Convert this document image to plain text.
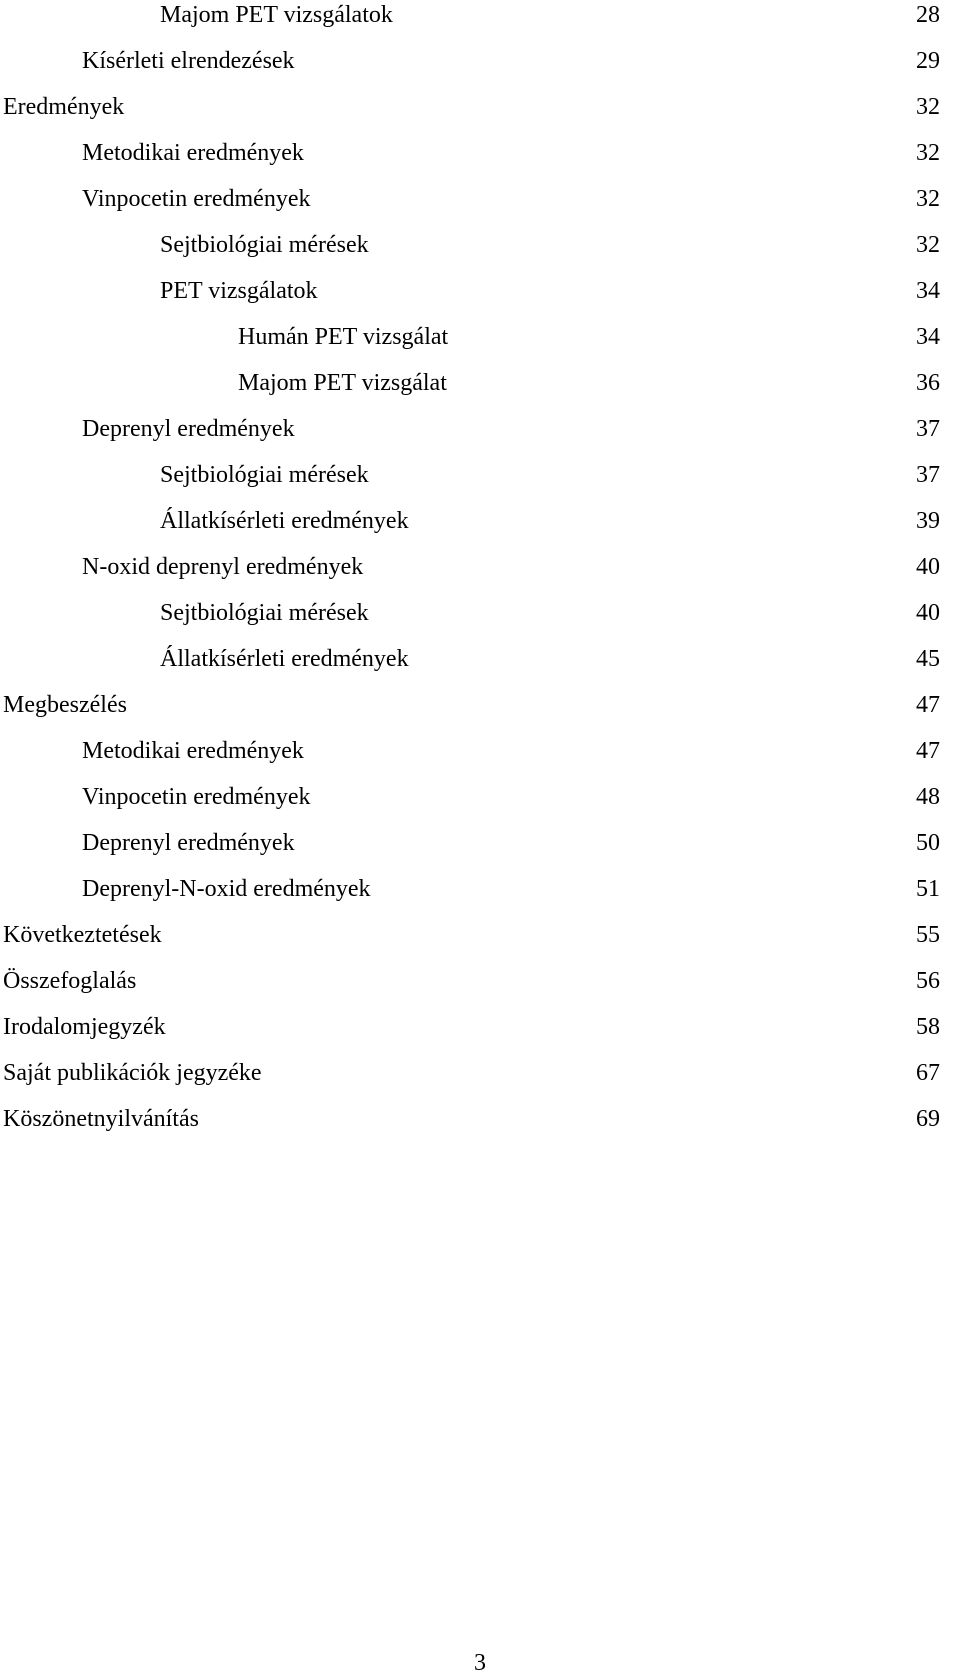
Majom PET vizsgálatok	28
Kísérleti elrendezések	29
Eredmények	32
Metodikai eredmények	32
Vinpocetin eredmények	32
Sejtbiológiai mérések	32
PET vizsgálatok	34
Humán PET vizsgálat	34
Majom PET vizsgálat	36
Deprenyl eredmények	37
Sejtbiológiai mérések	37
Állatkísérleti eredmények	39
N-oxid deprenyl eredmények	40
Sejtbiológiai mérések	40
Állatkísérleti eredmények	45
Megbeszélés	47
Metodikai eredmények	47
Vinpocetin eredmények	48
Deprenyl eredmények	50
Deprenyl-N-oxid eredmények	51
Következtetések	55
Összefoglalás	56
Irodalomjegyzék	58
Saját publikációk jegyzéke	67
Köszönetnyilvánítás	69
3
